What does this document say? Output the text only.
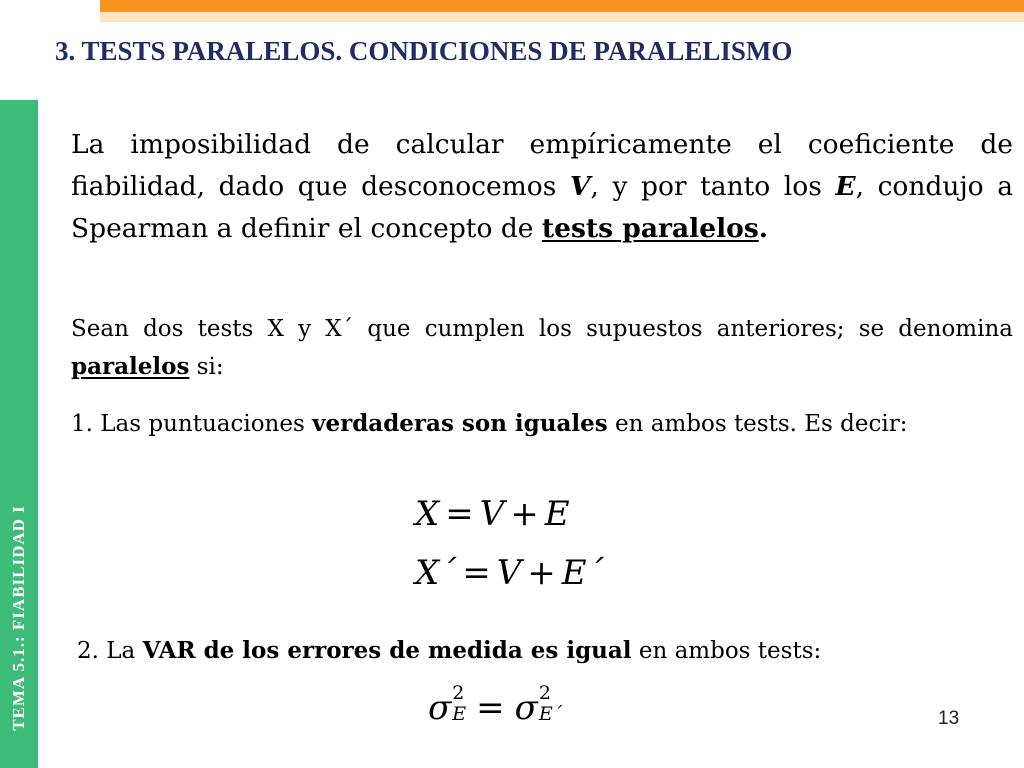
TEMA 5.1.: FIABILIDAD I
3. TESTS PARALELOS. CONDICIONES DE PARALELISMO

La imposibilidad de calcular empíricamente el coeficiente de fiabilidad, dado que desconocemos V, y por tanto los E, condujo a Spearman a definir el concepto de tests paralelos.

Sean dos tests X y X´ que cumplen los supuestos anteriores; se denomina paralelos si:

1. Las puntuaciones verdaderas son iguales en ambos tests. Es decir:

X = V + E
X´ = V + E´

2. La VAR de los errores de medida es igual en ambos tests:

σ 2
E = σ 2
E´	13
